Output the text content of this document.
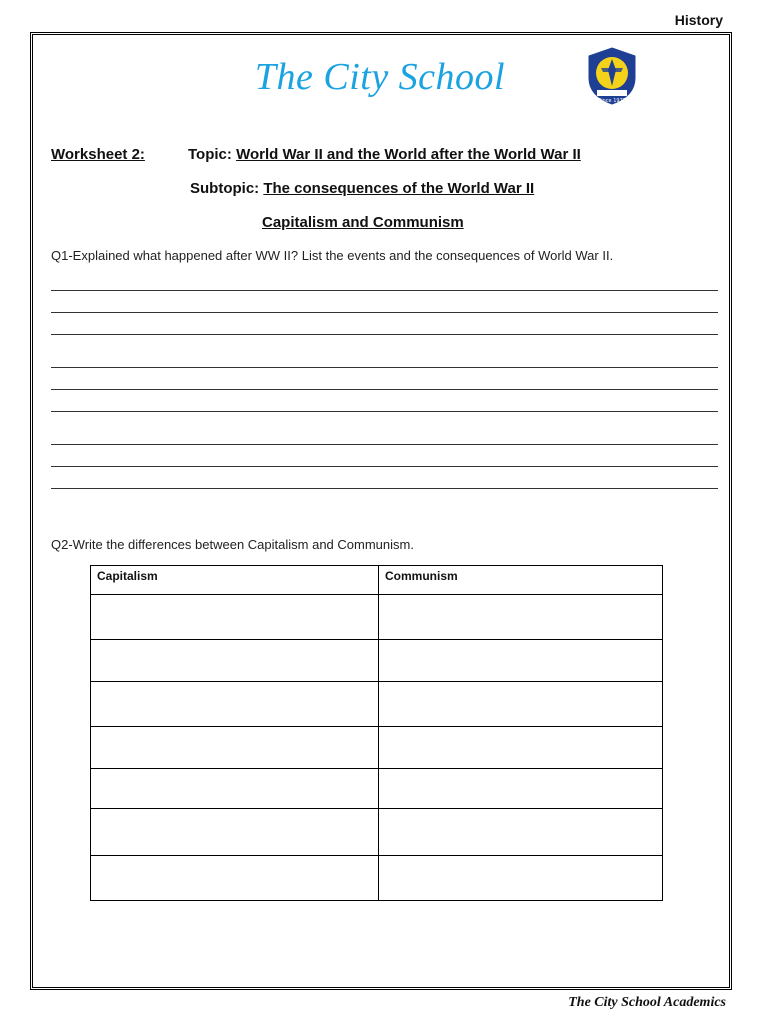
History
The City School
Since 1978
Worksheet 2:	Topic: World War II and the World after the World War II
Subtopic: The consequences of the World War II
Capitalism and Communism
Q1-Explained what happened after WW II? List the events and the consequences of World War II.
Q2-Write the differences between Capitalism and Communism.
Capitalism	Communism

The City School Academics
